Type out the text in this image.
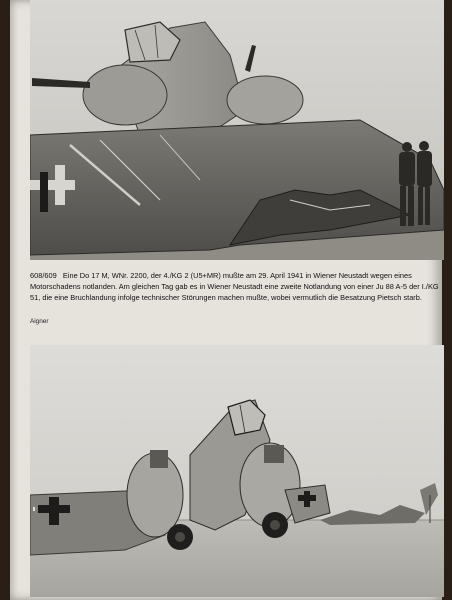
608/609 Eine Do 17 M, WNr. 2200, der 4./KG 2 (U5+MR) mußte am 29. April 1941 in Wiener Neustadt wegen eines Motorschadens notlanden. Am gleichen Tag gab es in Wiener Neustadt eine zweite Notlandung von einer Ju 88 A-5 der I./KG 51, die eine Bruchlandung infolge technischer Störungen machen mußte, wobei vermutlich die Besatzung Pietsch starb.

Aigner
